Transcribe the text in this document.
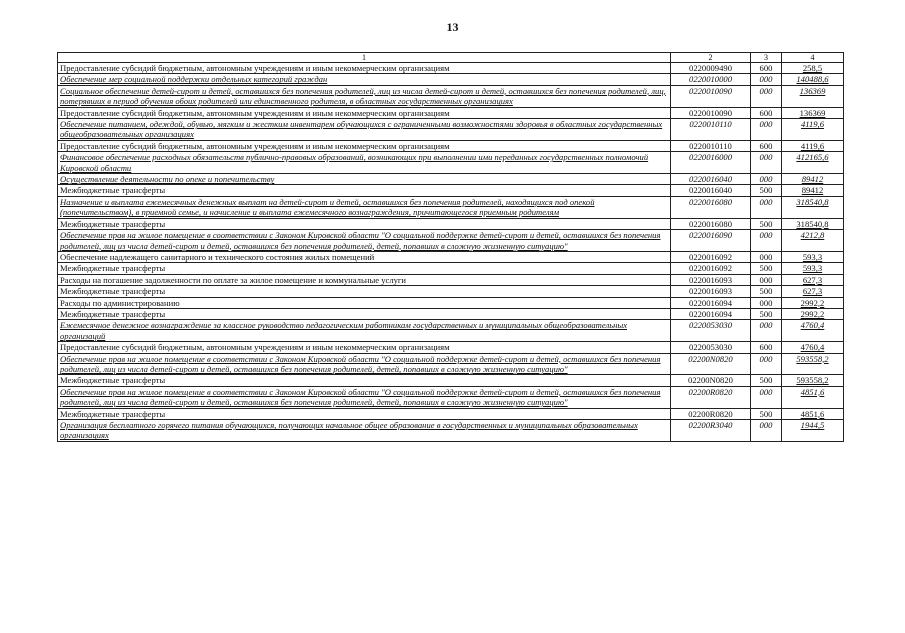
13
1	2	3	4
Предоставление субсидий бюджетным, автономным учреждениям и иным некоммерческим организациям	0220009490	600	258,5
Обеспечение мер социальной поддержки отдельных категорий граждан	0220010000	000	140488,6
Социальное обеспечение детей-сирот и детей, оставшихся без попечения родителей, лиц из числа детей-сирот и детей, оставшихся без попечения родителей, лиц, потерявших в период обучения обоих родителей или единственного родителя, в областных государственных организациях	0220010090	000	136369
Предоставление субсидий бюджетным, автономным учреждениям и иным некоммерческим организациям	0220010090	600	136369
Обеспечение питанием, одеждой, обувью, мягким и жестким инвентарем обучающихся с ограниченными возможностями здоровья в областных государственных общеобразовательных организациях	0220010110	000	4119,6
Предоставление субсидий бюджетным, автономным учреждениям и иным некоммерческим организациям	0220010110	600	4119,6
Финансовое обеспечение расходных обязательств публично-правовых образований, возникающих при выполнении ими переданных государственных полномочий Кировской области	0220016000	000	412165,6
Осуществление деятельности по опеке и попечительству	0220016040	000	89412
Межбюджетные трансферты	0220016040	500	89412
Назначение и выплата ежемесячных денежных выплат на детей-сирот и детей, оставшихся без попечения родителей, находящихся под опекой (попечительством), в приемной семье, и начисление и выплата ежемесячного вознаграждения, причитающегося приемным родителям	0220016080	000	318540,8
Межбюджетные трансферты	0220016080	500	318540,8
Обеспечение прав на жилое помещение в соответствии с Законом Кировской области "О социальной поддержке детей-сирот и детей, оставшихся без попечения родителей, лиц из числа детей-сирот и детей, оставшихся без попечения родителей, детей, попавших в сложную жизненную ситуацию"	0220016090	000	4212,8
Обеспечение надлежащего санитарного и технического состояния жилых помещений	0220016092	000	593,3
Межбюджетные трансферты	0220016092	500	593,3
Расходы на погашение задолженности по оплате за жилое помещение и коммунальные услуги	0220016093	000	627,3
Межбюджетные трансферты	0220016093	500	627,3
Расходы по администрированию	0220016094	000	2992,2
Межбюджетные трансферты	0220016094	500	2992,2
Ежемесячное денежное вознаграждение за классное руководство педагогическим работникам государственных и муниципальных общеобразовательных организаций	0220053030	000	4760,4
Предоставление субсидий бюджетным, автономным учреждениям и иным некоммерческим организациям	0220053030	600	4760,4
Обеспечение прав на жилое помещение в соответствии с Законом Кировской области "О социальной поддержке детей-сирот и детей, оставшихся без попечения родителей, лиц из числа детей-сирот и детей, оставшихся без попечения родителей, детей, попавших в сложную жизненную ситуацию"	02200N0820	000	593558,2
Межбюджетные трансферты	02200N0820	500	593558,2
Обеспечение прав на жилое помещение в соответствии с Законом Кировской области "О социальной поддержке детей-сирот и детей, оставшихся без попечения родителей, лиц из числа детей-сирот и детей, оставшихся без попечения родителей, детей, попавших в сложную жизненную ситуацию"	02200R0820	000	4851,6
Межбюджетные трансферты	02200R0820	500	4851,6
Организация бесплатного горячего питания обучающихся, получающих начальное общее образование в государственных и муниципальных образовательных организациях	02200R3040	000	1944,5
